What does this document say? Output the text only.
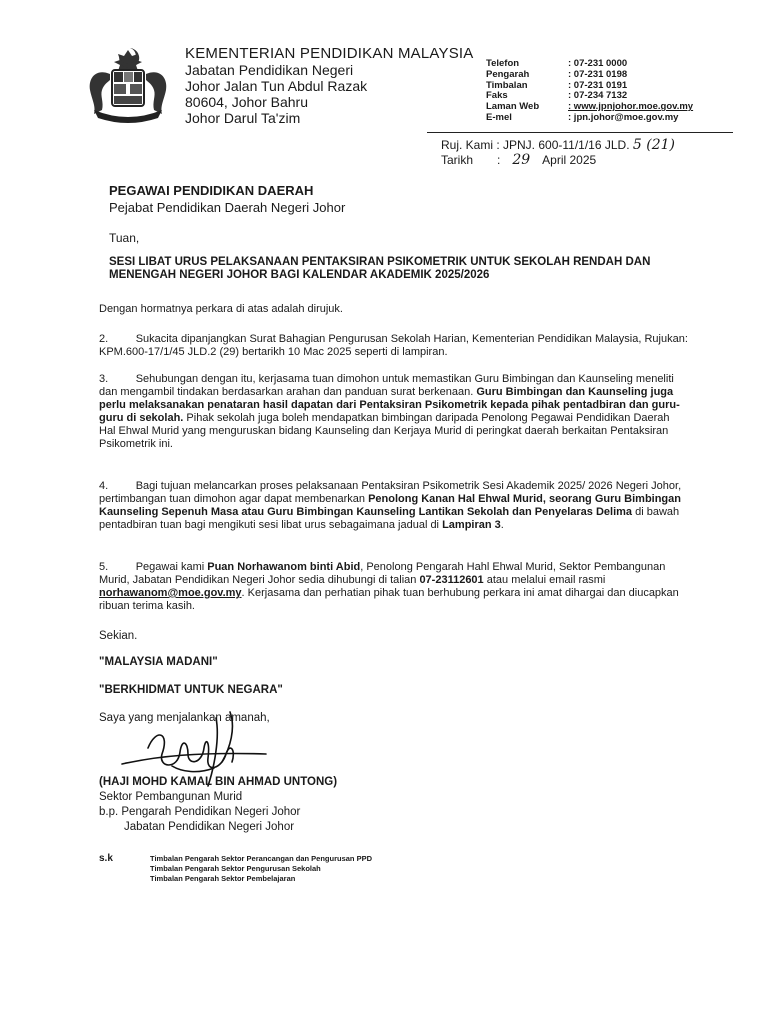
KEMENTERIAN PENDIDIKAN MALAYSIA
Jabatan Pendidikan Negeri
Johor Jalan Tun Abdul Razak
80604, Johor Bahru
Johor Darul Ta'zim
Telefon	: 07-231 0000
Pengarah	: 07-231 0198
Timbalan	: 07-231 0191
Faks	: 07-234 7132
Laman Web	: www.jpnjohor.moe.gov.my
E-mel	: jpn.johor@moe.gov.my
Ruj. Kami : JPNJ. 600-11/1/16 JLD. 5 (21)
Tarikh : 29 April 2025
PEGAWAI PENDIDIKAN DAERAH
Pejabat Pendidikan Daerah Negeri Johor
Tuan,
SESI LIBAT URUS PELAKSANAAN PENTAKSIRAN PSIKOMETRIK UNTUK SEKOLAH RENDAH DAN MENENGAH NEGERI JOHOR BAGI KALENDAR AKADEMIK 2025/2026
Dengan hormatnya perkara di atas adalah dirujuk.
2.	Sukacita dipanjangkan Surat Bahagian Pengurusan Sekolah Harian, Kementerian Pendidikan Malaysia, Rujukan: KPM.600-17/1/45 JLD.2 (29) bertarikh 10 Mac 2025 seperti di lampiran.
3.	Sehubungan dengan itu, kerjasama tuan dimohon untuk memastikan Guru Bimbingan dan Kaunseling meneliti dan mengambil tindakan berdasarkan arahan dan panduan surat berkenaan. Guru Bimbingan dan Kaunseling juga perlu melaksanakan penataran hasil dapatan dari Pentaksiran Psikometrik kepada pihak pentadbiran dan guru-guru di sekolah. Pihak sekolah juga boleh mendapatkan bimbingan daripada Penolong Pegawai Pendidikan Daerah Hal Ehwal Murid yang menguruskan bidang Kaunseling dan Kerjaya Murid di peringkat daerah berkaitan Pentaksiran Psikometrik ini.
4.	Bagi tujuan melancarkan proses pelaksanaan Pentaksiran Psikometrik Sesi Akademik 2025/ 2026 Negeri Johor, pertimbangan tuan dimohon agar dapat membenarkan Penolong Kanan Hal Ehwal Murid, seorang Guru Bimbingan Kaunseling Sepenuh Masa atau Guru Bimbingan Kaunseling Lantikan Sekolah dan Penyelaras Delima di bawah pentadbiran tuan bagi mengikuti sesi libat urus sebagaimana jadual di Lampiran 3.
5.	Pegawai kami Puan Norhawanom binti Abid, Penolong Pengarah Hahl Ehwal Murid, Sektor Pembangunan Murid, Jabatan Pendidikan Negeri Johor sedia dihubungi di talian 07-23112601 atau melalui email rasmi norhawanom@moe.gov.my. Kerjasama dan perhatian pihak tuan berhubung perkara ini amat dihargai dan diucapkan ribuan terima kasih.
Sekian.
"MALAYSIA MADANI"
"BERKHIDMAT UNTUK NEGARA"
Saya yang menjalankan amanah,
(HAJI MOHD KAMAL BIN AHMAD UNTONG)
Sektor Pembangunan Murid
b.p. Pengarah Pendidikan Negeri Johor
Jabatan Pendidikan Negeri Johor
s.k	Timbalan Pengarah Sektor Perancangan dan Pengurusan PPD
Timbalan Pengarah Sektor Pengurusan Sekolah
Timbalan Pengarah Sektor Pembelajaran
